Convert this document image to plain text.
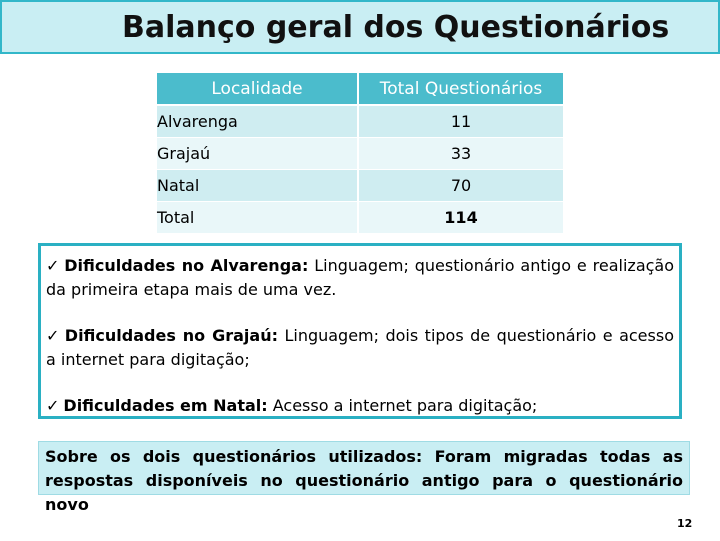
Balanço geral dos Questionários
Localidade	Total Questionários
Alvarenga	11
Grajaú	33
Natal	70
Total	114
✓ Dificuldades no Alvarenga: Linguagem; questionário antigo e realização da primeira etapa mais de uma vez.
✓ Dificuldades no Grajaú: Linguagem; dois tipos de questionário e acesso a internet para digitação;
✓ Dificuldades em Natal: Acesso a internet para digitação;
Sobre os dois questionários utilizados: Foram migradas todas as respostas disponíveis no questionário antigo para o questionário novo
12
